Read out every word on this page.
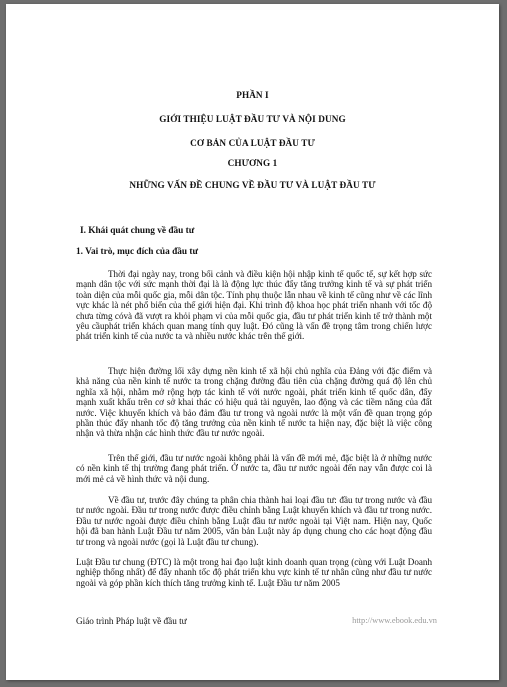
PHẦN I
GIỚI THIỆU LUẬT ĐẦU TƯ VÀ NỘI DUNG
CƠ BẢN CỦA LUẬT ĐẦU TƯ
CHƯƠNG 1
NHỮNG VẤN ĐỀ CHUNG VỀ ĐẦU TƯ VÀ LUẬT ĐẦU TƯ
I. Khái quát chung về đầu tư
1. Vai trò, mục đích của đầu tư

Thời đại ngày nay, trong bối cảnh và điều kiện hội nhập kinh tế quốc tế, sự kết hợp sức mạnh dân tộc với sức mạnh thời đại là là động lực thúc đẩy tăng trưởng kinh tế và sự phát triển toàn diện của mỗi quốc gia, mỗi dân tộc. Tính phụ thuộc lẫn nhau về kinh tế cũng như về các lĩnh vực khác là nét phổ biến của thế giới hiện đại. Khi trình độ khoa học phát triển nhanh với tốc độ chưa từng cóvà đã vượt ra khỏi phạm vi của mỗi quốc gia, đầu tư phát triển kinh tế trở thành một yêu cầuphát triển khách quan mang tính quy luật. Đó cũng là vấn đề trọng tâm trong chiến lược phát triển kinh tế của nước ta và nhiều nước khác trên thế giới.

Thực hiện đường lối xây dựng nền kinh tế xã hội chủ nghĩa của Đảng với đặc điểm và khả năng của nền kinh tế nước ta trong chặng đường đầu tiên của chặng đường quá độ lên chủ nghĩa xã hội, nhằm mở rộng hợp tác kinh tế với nước ngoài, phát triển kinh tế quốc dân, đẩy mạnh xuất khẩu trên cơ sở khai thác có hiệu quả tài nguyên, lao động và các tiềm năng của đất nước. Việc khuyến khích và bảo đảm đầu tư trong và ngoài nước là một vấn đề quan trọng góp phần thúc đẩy nhanh tốc độ tăng trưởng của nền kinh tế nước ta hiện nay, đặc biệt là việc công nhận và thừa nhận các hình thức đầu tư nước ngoài.

Trên thế giới, đầu tư nước ngoài không phải là vấn đề mới mẻ, đặc biệt là ở những nước có nền kinh tế thị trường đang phát triển. Ở nước ta, đầu tư nước ngoài đến nay vẫn được coi là mới mẻ cả về hình thức và nội dung.

Về đầu tư, trước đây chúng ta phân chia thành hai loại đầu tư: đầu tư trong nước và đầu tư nước ngoài. Đầu tư trong nước được điều chỉnh bằng Luật khuyến khích và đầu tư trong nước. Đầu tư nước ngoài được điều chỉnh bằng Luật đầu tư nước ngoài tại Việt nam. Hiện nay, Quốc hội đã ban hành Luật Đầu tư năm 2005, văn bản Luật này áp dụng chung cho các hoạt động đầu tư trong và ngoài nước (gọi là Luật đầu tư chung).

Luật Đầu tư chung (ĐTC) là một trong hai đạo luật kinh doanh quan trọng (cùng với Luật Doanh nghiệp thống nhất) để đẩy nhanh tốc độ phát triển khu vực kinh tế tư nhân cũng như đầu tư nước ngoài và góp phần kích thích tăng trưởng kinh tế. Luật Đầu tư năm 2005

Giáo trình Pháp luật về đầu tư	http://www.ebook.edu.vn
